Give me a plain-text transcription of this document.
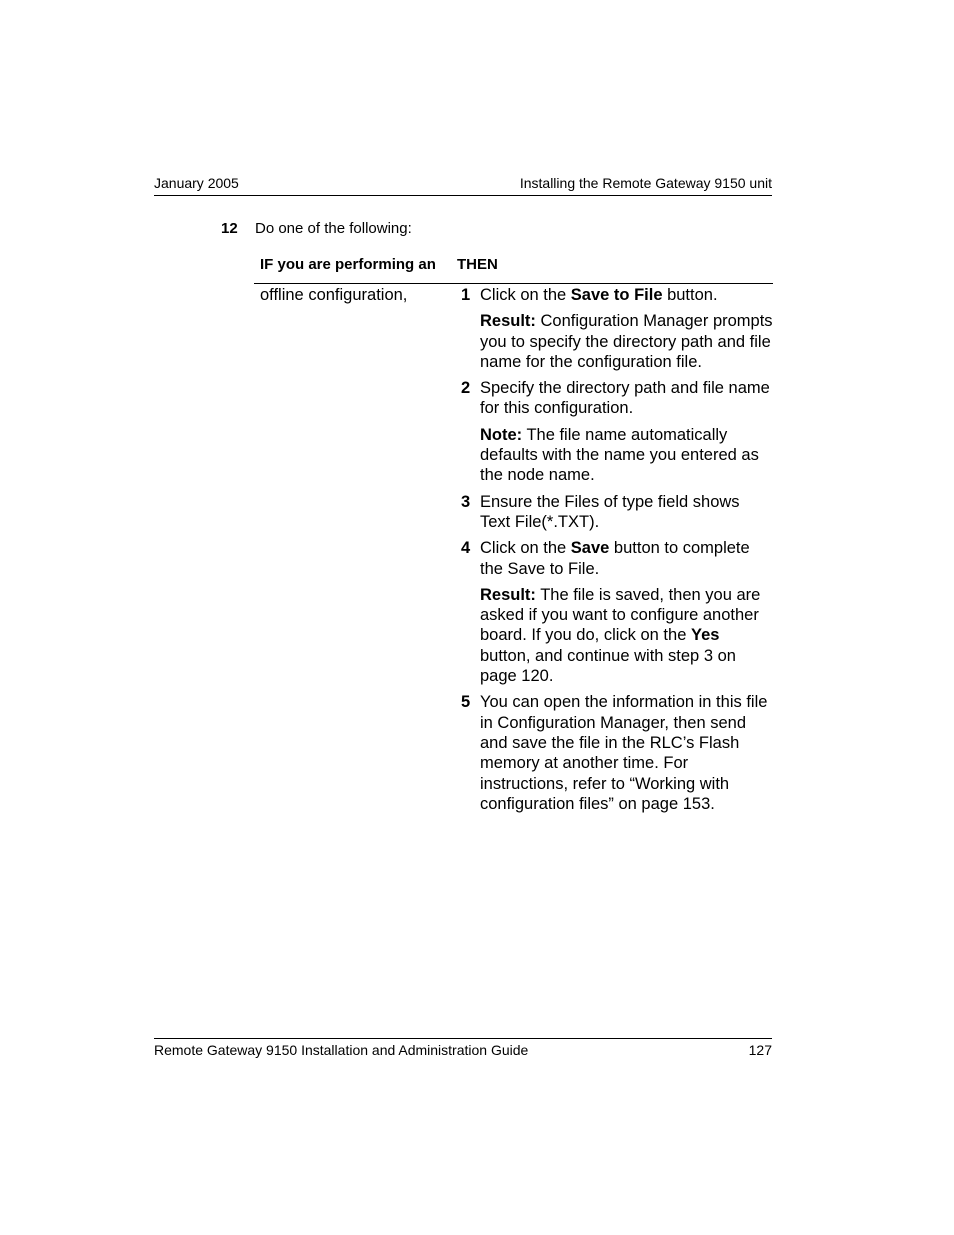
January 2005	Installing the Remote Gateway 9150 unit
12 Do one of the following:
IF you are performing an THEN
offline configuration,	1 Click on the Save to File button.
Result: Configuration Manager prompts you to specify the directory path and file name for the configuration file.
2 Specify the directory path and file name for this configuration.
Note: The file name automatically defaults with the name you entered as the node name.
3 Ensure the Files of type field shows Text File(*.TXT).
4 Click on the Save button to complete the Save to File.
Result: The file is saved, then you are asked if you want to configure another board. If you do, click on the Yes button, and continue with step 3 on page 120.
5 You can open the information in this file in Configuration Manager, then send and save the file in the RLC’s Flash memory at another time. For instructions, refer to “Working with configuration files” on page 153.
Remote Gateway 9150 Installation and Administration Guide	127
